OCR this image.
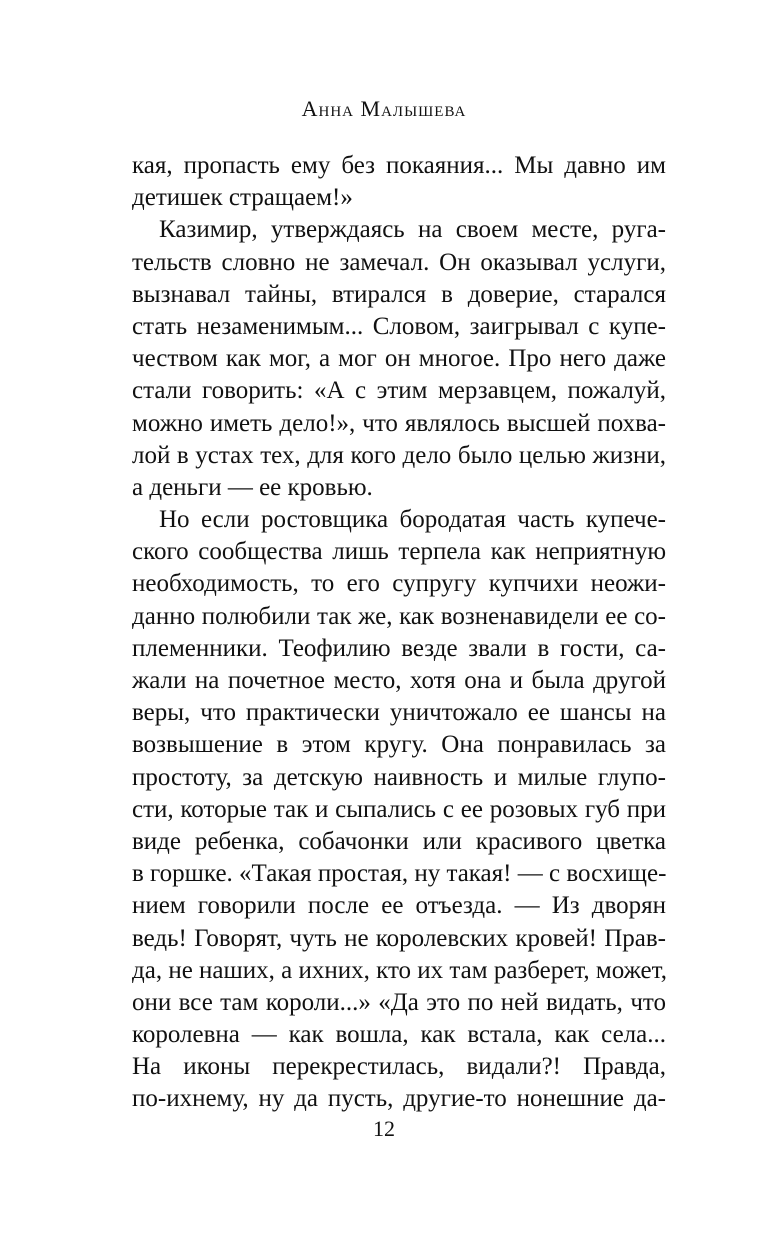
Анна Малышева
кая, пропасть ему без покаяния... Мы давно им
детишек стращаем!»
Казимир, утверждаясь на своем месте, руга-
тельств словно не замечал. Он оказывал услуги,
вызнавал тайны, втирался в доверие, старался
стать незаменимым... Словом, заигрывал с купе-
чеством как мог, а мог он многое. Про него даже
стали говорить: «А с этим мерзавцем, пожалуй,
можно иметь дело!», что являлось высшей похва-
лой в устах тех, для кого дело было целью жизни,
а деньги — ее кровью.
Но если ростовщика бородатая часть купече-
ского сообщества лишь терпела как неприятную
необходимость, то его супругу купчихи неожи-
данно полюбили так же, как возненавидели ее со-
племенники. Теофилию везде звали в гости, са-
жали на почетное место, хотя она и была другой
веры, что практически уничтожало ее шансы на
возвышение в этом кругу. Она понравилась за
простоту, за детскую наивность и милые глупо-
сти, которые так и сыпались с ее розовых губ при
виде ребенка, собачонки или красивого цветка
в горшке. «Такая простая, ну такая! — с восхище-
нием говорили после ее отъезда. — Из дворян
ведь! Говорят, чуть не королевских кровей! Прав-
да, не наших, а ихних, кто их там разберет, может,
они все там короли...» «Да это по ней видать, что
королевна — как вошла, как встала, как села...
На иконы перекрестилась, видали?! Правда,
по-ихнему, ну да пусть, другие-то нонешние да-
12
